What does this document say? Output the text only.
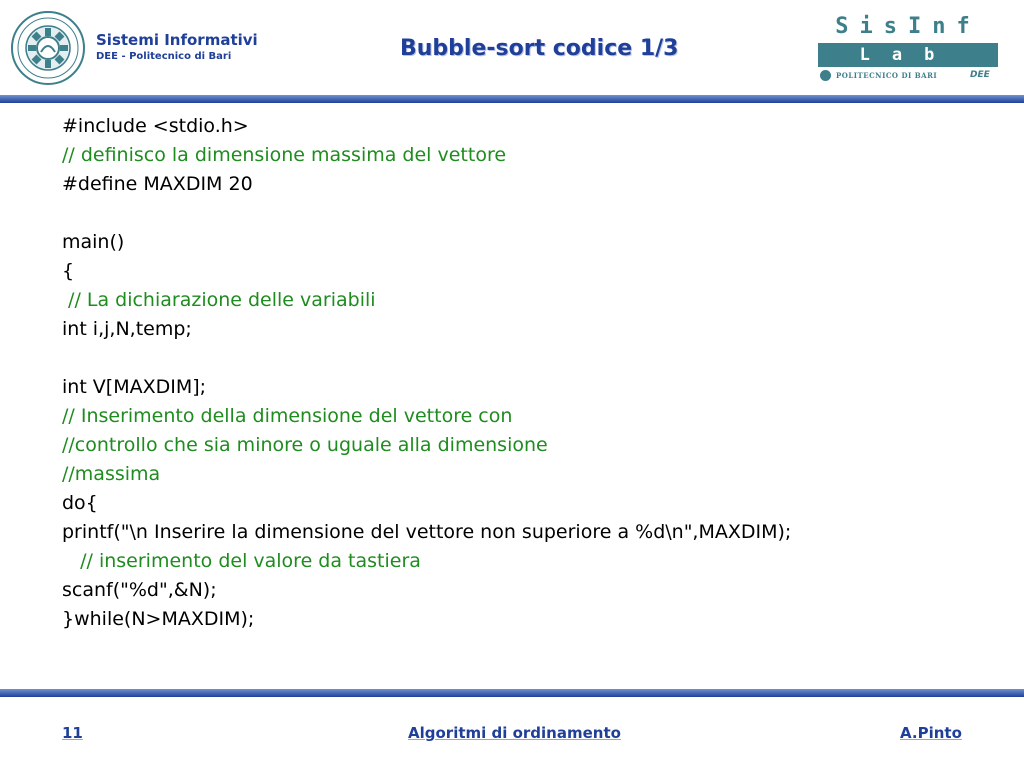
Sistemi Informativi
DEE - Politecnico di Bari	Bubble-sort codice 1/3
SisInf
Lab
POLITECNICO DI BARI	DEE
#include <stdio.h>
// definisco la dimensione massima del vettore
#define MAXDIM 20
main()
{
// La dichiarazione delle variabili
int i,j,N,temp;
int V[MAXDIM];
// Inserimento della dimensione del vettore con
//controllo che sia minore o uguale alla dimensione
//massima
do{
printf("\n Inserire la dimensione del vettore non superiore a %d\n",MAXDIM);
// inserimento del valore da tastiera
scanf("%d",&N);
}while(N>MAXDIM);
11	Algoritmi di ordinamento	A.Pinto
